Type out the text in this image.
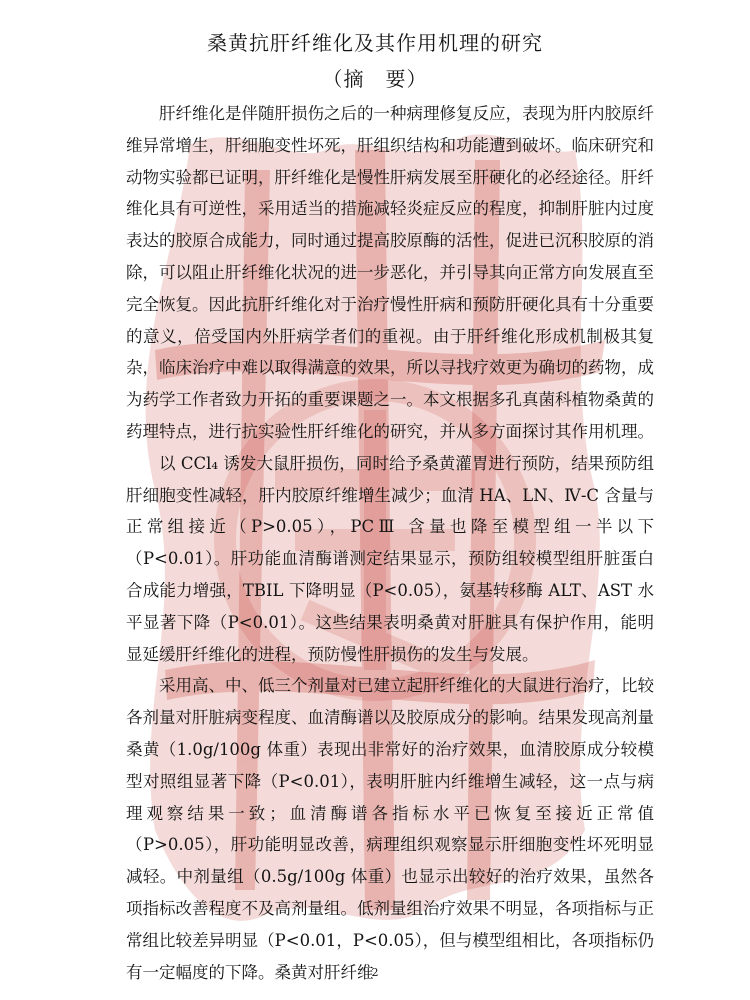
桑黄抗肝纤维化及其作用机理的研究
（摘　要）

肝纤维化是伴随肝损伤之后的一种病理修复反应，表现为肝内胶原纤维异常增生，肝细胞变性坏死，肝组织结构和功能遭到破坏。临床研究和动物实验都已证明，肝纤维化是慢性肝病发展至肝硬化的必经途径。肝纤维化具有可逆性，采用适当的措施减轻炎症反应的程度，抑制肝脏内过度表达的胶原合成能力，同时通过提高胶原酶的活性，促进已沉积胶原的消除，可以阻止肝纤维化状况的进一步恶化，并引导其向正常方向发展直至完全恢复。因此抗肝纤维化对于治疗慢性肝病和预防肝硬化具有十分重要的意义，倍受国内外肝病学者们的重视。由于肝纤维化形成机制极其复杂，临床治疗中难以取得满意的效果，所以寻找疗效更为确切的药物，成为药学工作者致力开拓的重要课题之一。本文根据多孔真菌科植物桑黄的药理特点，进行抗实验性肝纤维化的研究，并从多方面探讨其作用机理。

以 CCl₄ 诱发大鼠肝损伤，同时给予桑黄灌胃进行预防，结果预防组肝细胞变性减轻，肝内胶原纤维增生减少；血清 HA、LN、Ⅳ-C 含量与正常组接近（P>0.05），PCⅢ 含量也降至模型组一半以下（P<0.01）。肝功能血清酶谱测定结果显示，预防组较模型组肝脏蛋白合成能力增强，TBIL 下降明显（P<0.05），氨基转移酶 ALT、AST 水平显著下降（P<0.01）。这些结果表明桑黄对肝脏具有保护作用，能明显延缓肝纤维化的进程，预防慢性肝损伤的发生与发展。

采用高、中、低三个剂量对已建立起肝纤维化的大鼠进行治疗，比较各剂量对肝脏病变程度、血清酶谱以及胶原成分的影响。结果发现高剂量桑黄（1.0g/100g 体重）表现出非常好的治疗效果，血清胶原成分较模型对照组显著下降（P<0.01），表明肝脏内纤维增生减轻，这一点与病理观察结果一致；血清酶谱各指标水平已恢复至接近正常值（P>0.05），肝功能明显改善，病理组织观察显示肝细胞变性坏死明显减轻。中剂量组（0.5g/100g 体重）也显示出较好的治疗效果，虽然各项指标改善程度不及高剂量组。低剂量组治疗效果不明显，各项指标与正常组比较差异明显（P<0.01，P<0.05），但与模型组相比，各项指标仍有一定幅度的下降。桑黄对肝纤维

2
